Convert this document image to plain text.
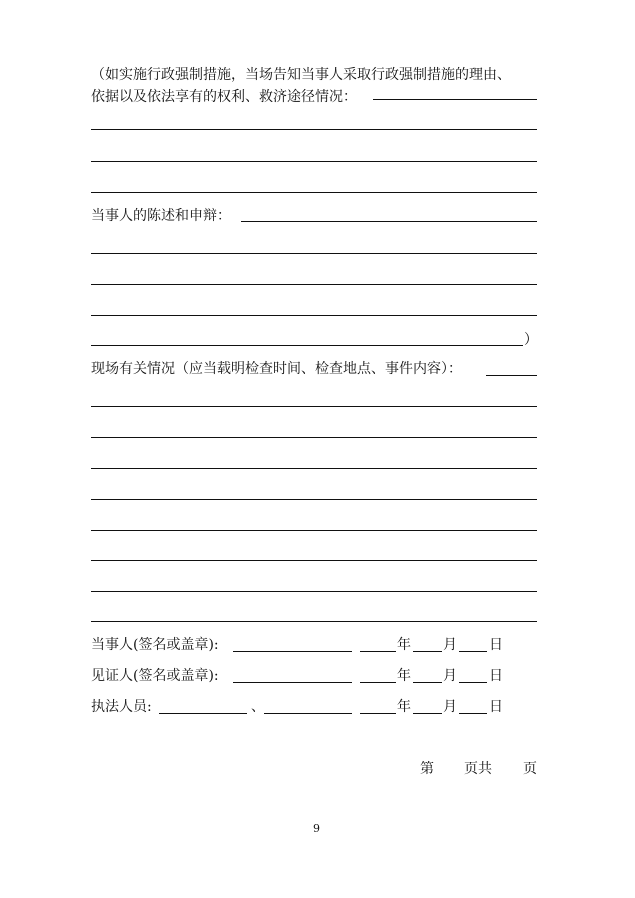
（如实施行政强制措施，当场告知当事人采取行政强制措施的理由、
依据以及依法享有的权利、救济途径情况：
当事人的陈述和申辩：
）
现场有关情况（应当载明检查时间、检查地点、事件内容）：
当事人(签名或盖章):	年 月 日
见证人(签名或盖章):	年 月 日
执法人员:	、	年 月 日
第 页共 页
9
